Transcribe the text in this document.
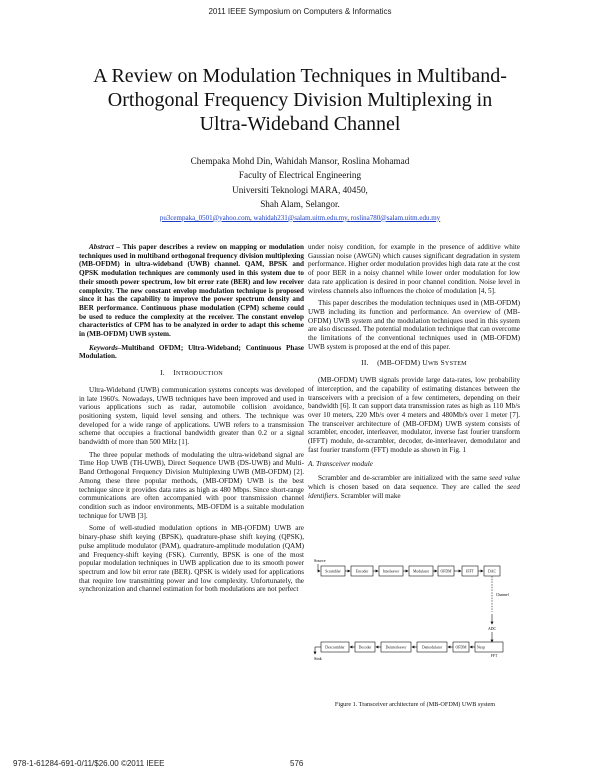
2011 IEEE Symposium on Computers & Informatics
A Review on Modulation Techniques in Multiband-
Orthogonal Frequency Division Multiplexing in
Ultra-Wideband Channel
Chempaka Mohd Din, Wahidah Mansor, Roslina Mohamad
Faculty of Electrical Engineering
Universiti Teknologi MARA, 40450,
Shah Alam, Selangor.
pu3cempaka_0501@yahoo.com, wahidah231@salam.uitm.edu.my, roslina780@salam.uitm.edu.my

Abstract – This paper describes a review on mapping or modulation techniques used in multiband orthogonal frequency division multiplexing (MB-OFDM) in ultra-wideband (UWB) channel. QAM, BPSK and QPSK modulation techniques are commonly used in this system due to their smooth power spectrum, low bit error rate (BER) and low receiver complexity. The new constant envelop modulation technique is proposed since it has the capability to improve the power spectrum density and BER performance. Continuous phase modulation (CPM) scheme could be used to reduce the complexity at the receiver. The constant envelop characteristics of CPM has to be analyzed in order to adapt this scheme in (MB-OFDM) UWB system.

Keywords–Multiband OFDM; Ultra-Wideband; Continuous Phase Modulation.

I. INTRODUCTION

Ultra-Wideband (UWB) communication systems concepts was developed in late 1960's. Nowadays, UWB techniques have been improved and used in various applications such as radar, automobile collision avoidance, positioning system, liquid level sensing and others. The technique was developed for a wide range of applications. UWB refers to a transmission scheme that occupies a fractional bandwidth greater than 0.2 or a signal bandwidth of more than 500 MHz [1].

The three popular methods of modulating the ultra-wideband signal are Time Hop UWB (TH-UWB), Direct Sequence UWB (DS-UWB) and Multi-Band Orthogonal Frequency Division Multiplexing UWB (MB-OFDM) [2]. Among these three popular methods, (MB-OFDM) UWB is the best technique since it provides data rates as high as 480 Mbps. Since short-range communications are often accompanied with poor transmission channel condition such as indoor environments, MB-OFDM is a suitable modulation technique for UWB [3].

Some of well-studied modulation options in MB-(OFDM) UWB are binary-phase shift keying (BPSK), quadrature-phase shift keying (QPSK), pulse amplitude modulator (PAM), quadrature-amplitude modulation (QAM) and Frequency-shift keying (FSK). Currently, BPSK is one of the most popular modulation techniques in UWB application due to its smooth power spectrum and low bit error rate (BER). QPSK is widely used for applications that require low transmitting power and low complexity. Unfortunately, the synchronization and channel estimation for both modulations are not perfect

under noisy condition, for example in the presence of additive white Gaussian noise (AWGN) which causes significant degradation in system performance. Higher order modulation provides high data rate at the cost of poor BER in a noisy channel while lower order modulation for low data rate application is desired in poor channel condition. Noise level in wireless channels also influences the choice of modulation [4, 5].

This paper describes the modulation techniques used in (MB-OFDM) UWB including its function and performance. An overview of (MB-OFDM) UWB system and the modulation techniques used in this system are also discussed. The potential modulation technique that can overcome the limitations of the conventional techniques used in (MB-OFDM) UWB system is proposed at the end of this paper.

II. (MB-OFDM) UWB SYSTEM

(MB-OFDM) UWB signals provide large data-rates, low probability of interception, and the capability of estimating distances between the transceivers with a precision of a few centimeters, depending on their bandwidth [6]. It can support data transmission rates as high as 110 Mb/s over 10 meters, 220 Mb/s over 4 meters and 480Mb/s over 1 meter [7]. The transceiver architecture of (MB-OFDM) UWB system consists of scrambler, encoder, interleaver, modulator, inverse fast fourier transform (IFFT) module, de-scrambler, decoder, de-interleaver, demodulator and fast fourier transform (FFT) module as shown in Fig. 1

A. Transceiver module

Scrambler and de-scrambler are initialized with the same seed value which is chosen based on data sequence. They are called the seed identifiers. Scrambler will make

Source
Scrambler	Encoder	Interleaver	Modulator	OFDM	IFFT	DAC
Channel
ADC
Descrambler	Decoder	Deinterleaver	Demodulator	OFDM	Nexp
FFT
Sink
Figure 1. Transceiver architecture of (MB-OFDM) UWB system
978-1-61284-691-0/11/$26.00 ©2011 IEEE	576
